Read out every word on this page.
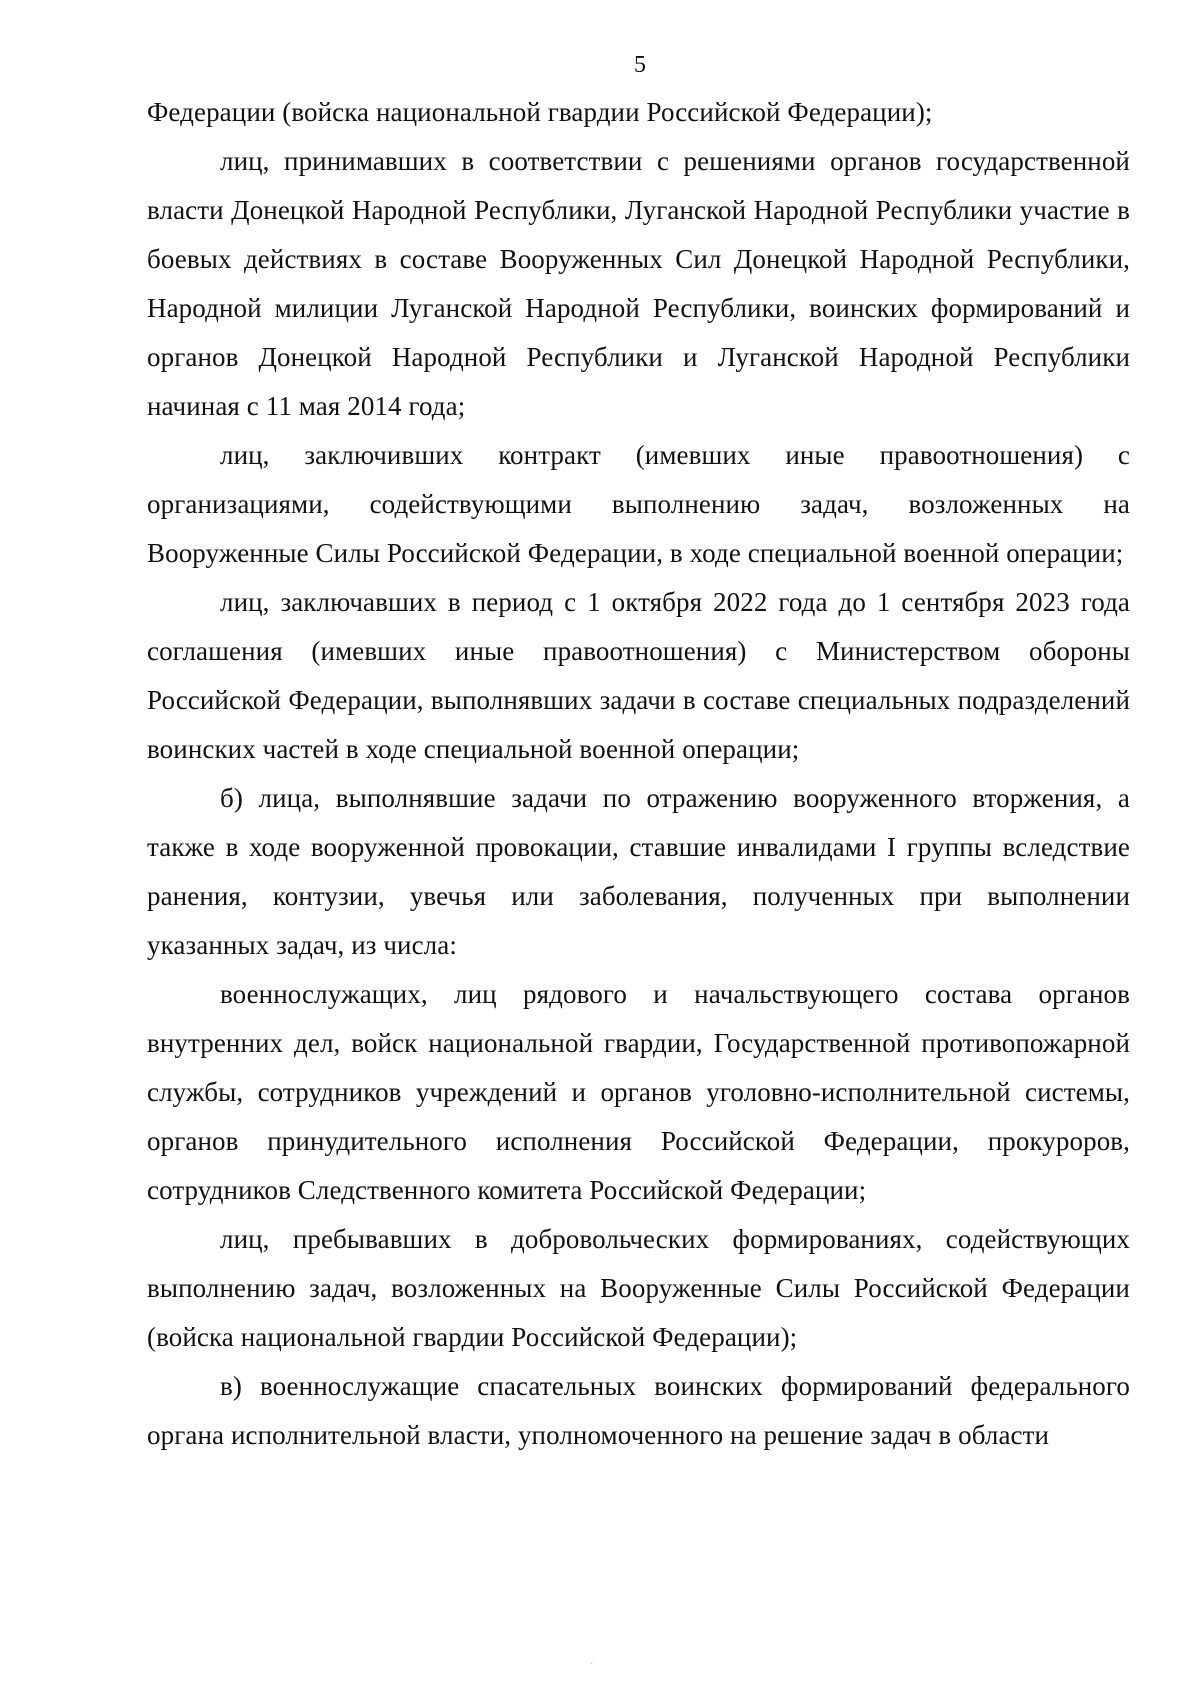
5

Федерации (войска национальной гвардии Российской Федерации);

лиц, принимавших в соответствии с решениями органов государственной власти Донецкой Народной Республики, Луганской Народной Республики участие в боевых действиях в составе Вооруженных Сил Донецкой Народной Республики, Народной милиции Луганской Народной Республики, воинских формирований и органов Донецкой Народной Республики и Луганской Народной Республики начиная с 11 мая 2014 года;

лиц, заключивших контракт (имевших иные правоотношения) с организациями, содействующими выполнению задач, возложенных на Вооруженные Силы Российской Федерации, в ходе специальной военной операции;

лиц, заключавших в период с 1 октября 2022 года до 1 сентября 2023 года соглашения (имевших иные правоотношения) с Министерством обороны Российской Федерации, выполнявших задачи в составе специальных подразделений воинских частей в ходе специальной военной операции;

б) лица, выполнявшие задачи по отражению вооруженного вторжения, а также в ходе вооруженной провокации, ставшие инвалидами I группы вследствие ранения, контузии, увечья или заболевания, полученных при выполнении указанных задач, из числа:

военнослужащих, лиц рядового и начальствующего состава органов внутренних дел, войск национальной гвардии, Государственной противопожарной службы, сотрудников учреждений и органов уголовно-исполнительной системы, органов принудительного исполнения Российской Федерации, прокуроров, сотрудников Следственного комитета Российской Федерации;

лиц, пребывавших в добровольческих формированиях, содействующих выполнению задач, возложенных на Вооруженные Силы Российской Федерации (войска национальной гвардии Российской Федерации);

в) военнослужащие спасательных воинских формирований федерального органа исполнительной власти, уполномоченного на решение задач в области

ˊ
